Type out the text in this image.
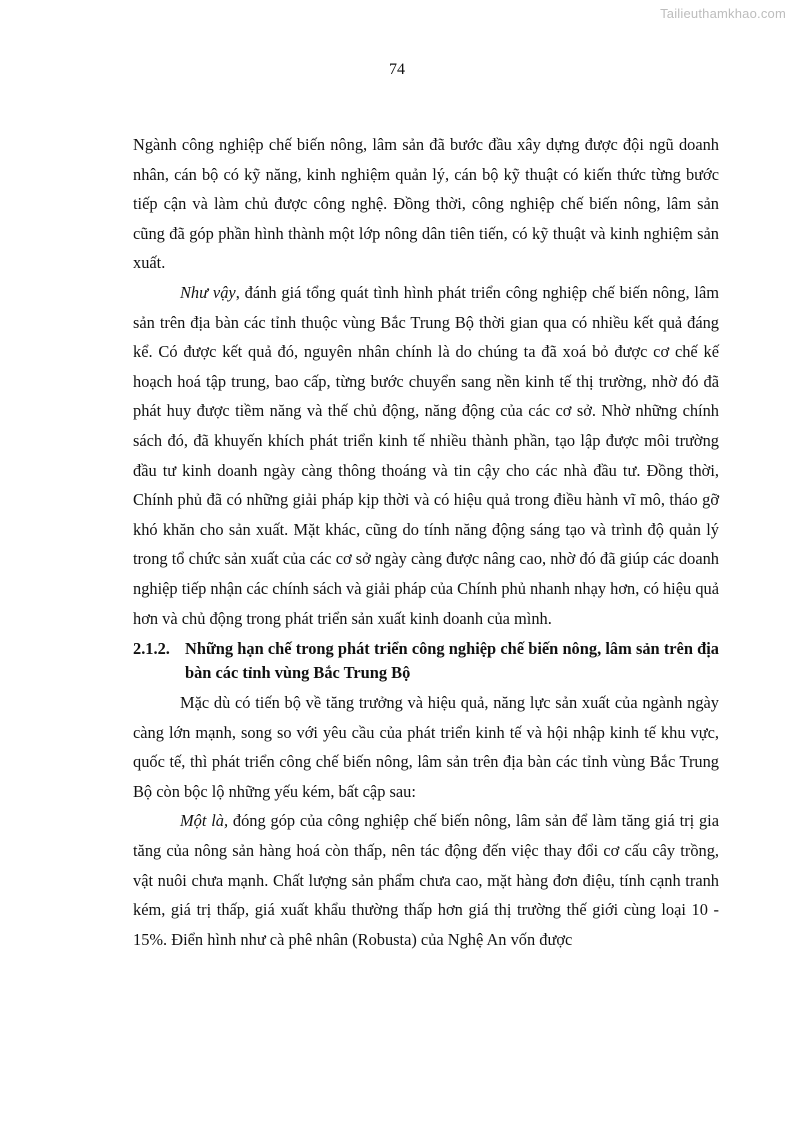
Tailieuthamkhao.com
74

Ngành công nghiệp chế biến nông, lâm sản đã bước đầu xây dựng được đội ngũ doanh nhân, cán bộ có kỹ năng, kinh nghiệm quản lý, cán bộ kỹ thuật có kiến thức từng bước tiếp cận và làm chủ được công nghệ. Đồng thời, công nghiệp chế biến nông, lâm sản cũng đã góp phần hình thành một lớp nông dân tiên tiến, có kỹ thuật và kinh nghiệm sản xuất.

Như vậy, đánh giá tổng quát tình hình phát triển công nghiệp chế biến nông, lâm sản trên địa bàn các tỉnh thuộc vùng Bắc Trung Bộ thời gian qua có nhiều kết quả đáng kể. Có được kết quả đó, nguyên nhân chính là do chúng ta đã xoá bỏ được cơ chế kế hoạch hoá tập trung, bao cấp, từng bước chuyển sang nền kinh tế thị trường, nhờ đó đã phát huy được tiềm năng và thế chủ động, năng động của các cơ sở. Nhờ những chính sách đó, đã khuyến khích phát triển kinh tế nhiều thành phần, tạo lập được môi trường đầu tư kinh doanh ngày càng thông thoáng và tin cậy cho các nhà đầu tư. Đồng thời, Chính phủ đã có những giải pháp kịp thời và có hiệu quả trong điều hành vĩ mô, tháo gỡ khó khăn cho sản xuất. Mặt khác, cũng do tính năng động sáng tạo và trình độ quản lý trong tổ chức sản xuất của các cơ sở ngày càng được nâng cao, nhờ đó đã giúp các doanh nghiệp tiếp nhận các chính sách và giải pháp của Chính phủ nhanh nhạy hơn, có hiệu quả hơn và chủ động trong phát triển sản xuất kinh doanh của mình.

2.1.2. Những hạn chế trong phát triển công nghiệp chế biến nông, lâm sản trên địa bàn các tỉnh vùng Bắc Trung Bộ

Mặc dù có tiến bộ về tăng trưởng và hiệu quả, năng lực sản xuất của ngành ngày càng lớn mạnh, song so với yêu cầu của phát triển kinh tế và hội nhập kinh tế khu vực, quốc tế, thì phát triển công chế biến nông, lâm sản trên địa bàn các tỉnh vùng Bắc Trung Bộ còn bộc lộ những yếu kém, bất cập sau:

Một là, đóng góp của công nghiệp chế biến nông, lâm sản để làm tăng giá trị gia tăng của nông sản hàng hoá còn thấp, nên tác động đến việc thay đổi cơ cấu cây trồng, vật nuôi chưa mạnh. Chất lượng sản phẩm chưa cao, mặt hàng đơn điệu, tính cạnh tranh kém, giá trị thấp, giá xuất khẩu thường thấp hơn giá thị trường thế giới cùng loại 10 - 15%. Điển hình như cà phê nhân (Robusta) của Nghệ An vốn được
